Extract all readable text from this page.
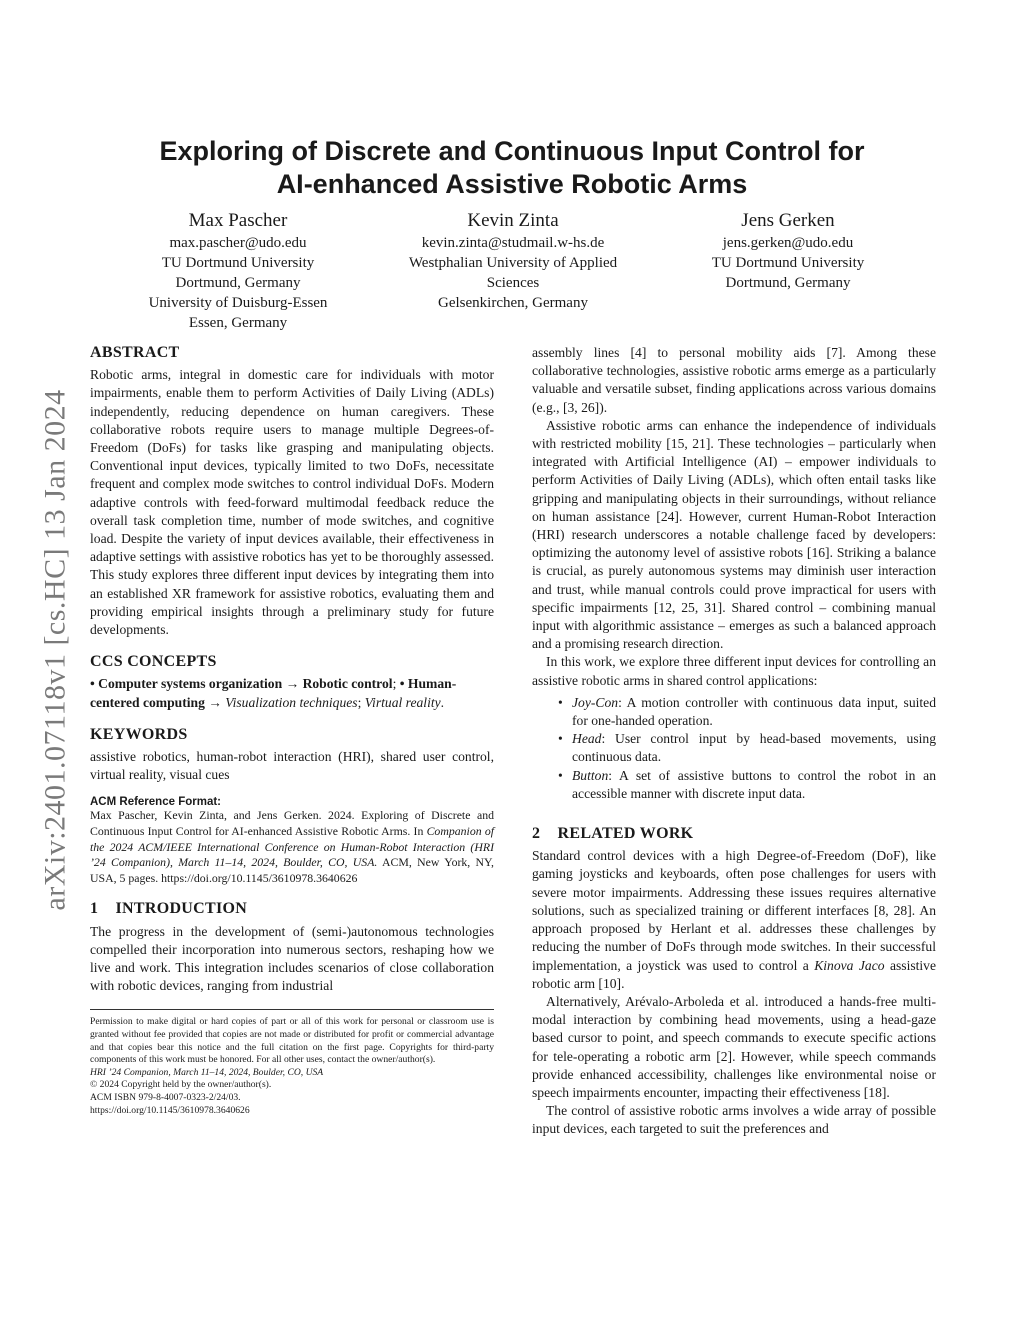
arXiv:2401.07118v1 [cs.HC] 13 Jan 2024
Exploring of Discrete and Continuous Input Control for
AI-enhanced Assistive Robotic Arms
Max Pascher
max.pascher@udo.edu
TU Dortmund University
Dortmund, Germany
University of Duisburg-Essen
Essen, Germany
Kevin Zinta
kevin.zinta@studmail.w-hs.de
Westphalian University of Applied
Sciences
Gelsenkirchen, Germany
Jens Gerken
jens.gerken@udo.edu
TU Dortmund University
Dortmund, Germany
ABSTRACT

Robotic arms, integral in domestic care for individuals with motor impairments, enable them to perform Activities of Daily Living (ADLs) independently, reducing dependence on human caregivers. These collaborative robots require users to manage multiple Degrees-of-Freedom (DoFs) for tasks like grasping and manipulating objects. Conventional input devices, typically limited to two DoFs, necessitate frequent and complex mode switches to control individual DoFs. Modern adaptive controls with feed-forward multimodal feedback reduce the overall task completion time, number of mode switches, and cognitive load. Despite the variety of input devices available, their effectiveness in adaptive settings with assistive robotics has yet to be thoroughly assessed. This study explores three different input devices by integrating them into an established XR framework for assistive robotics, evaluating them and providing empirical insights through a preliminary study for future developments.

CCS CONCEPTS

• Computer systems organization → Robotic control; • Human-centered computing → Visualization techniques; Virtual reality.

KEYWORDS

assistive robotics, human-robot interaction (HRI), shared user control, virtual reality, visual cues

ACM Reference Format:

Max Pascher, Kevin Zinta, and Jens Gerken. 2024. Exploring of Discrete and Continuous Input Control for AI-enhanced Assistive Robotic Arms. In Companion of the 2024 ACM/IEEE International Conference on Human-Robot Interaction (HRI ’24 Companion), March 11–14, 2024, Boulder, CO, USA. ACM, New York, NY, USA, 5 pages. https://doi.org/10.1145/3610978.3640626

1    INTRODUCTION

The progress in the development of (semi-)autonomous technologies compelled their incorporation into numerous sectors, reshaping how we live and work. This integration includes scenarios of close collaboration with robotic devices, ranging from industrial

Permission to make digital or hard copies of part or all of this work for personal or classroom use is granted without fee provided that copies are not made or distributed for profit or commercial advantage and that copies bear this notice and the full citation on the first page. Copyrights for third-party components of this work must be honored. For all other uses, contact the owner/author(s).
HRI ’24 Companion, March 11–14, 2024, Boulder, CO, USA
© 2024 Copyright held by the owner/author(s).
ACM ISBN 979-8-4007-0323-2/24/03.
https://doi.org/10.1145/3610978.3640626

assembly lines [4] to personal mobility aids [7]. Among these collaborative technologies, assistive robotic arms emerge as a particularly valuable and versatile subset, finding applications across various domains (e.g., [3, 26]).

Assistive robotic arms can enhance the independence of individuals with restricted mobility [15, 21]. These technologies – particularly when integrated with Artificial Intelligence (AI) – empower individuals to perform Activities of Daily Living (ADLs), which often entail tasks like gripping and manipulating objects in their surroundings, without reliance on human assistance [24]. However, current Human-Robot Interaction (HRI) research underscores a notable challenge faced by developers: optimizing the autonomy level of assistive robots [16]. Striking a balance is crucial, as purely autonomous systems may diminish user interaction and trust, while manual controls could prove impractical for users with specific impairments [12, 25, 31]. Shared control – combining manual input with algorithmic assistance – emerges as such a balanced approach and a promising research direction.

In this work, we explore three different input devices for controlling an assistive robotic arms in shared control applications:

• Joy-Con: A motion controller with continuous data input, suited for one-handed operation.
• Head: User control input by head-based movements, using continuous data.
• Button: A set of assistive buttons to control the robot in an accessible manner with discrete input data.
2    RELATED WORK

Standard control devices with a high Degree-of-Freedom (DoF), like gaming joysticks and keyboards, often pose challenges for users with severe motor impairments. Addressing these issues requires alternative solutions, such as specialized training or different interfaces [8, 28]. An approach proposed by Herlant et al. addresses these challenges by reducing the number of DoFs through mode switches. In their successful implementation, a joystick was used to control a Kinova Jaco assistive robotic arm [10].

Alternatively, Arévalo-Arboleda et al. introduced a hands-free multi-modal interaction by combining head movements, using a head-gaze based cursor to point, and speech commands to execute specific actions for tele-operating a robotic arm [2]. However, while speech commands provide enhanced accessibility, challenges like environmental noise or speech impairments encounter, impacting their effectiveness [18].

The control of assistive robotic arms involves a wide array of possible input devices, each targeted to suit the preferences and
